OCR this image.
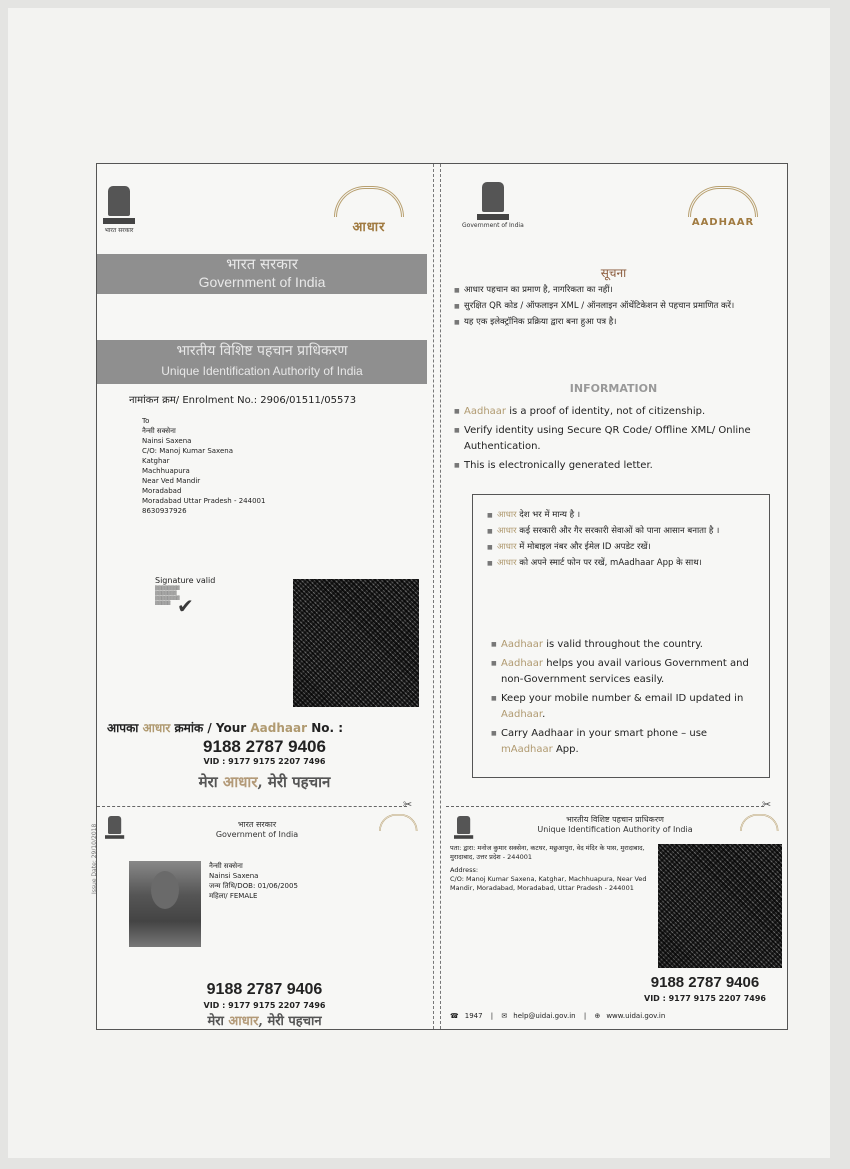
भारत सरकार	आधार
भारत सरकार
Government of India
भारतीय विशिष्ट पहचान प्राधिकरण
Unique Identification Authority of India
नामांकन क्रम/ Enrolment No.: 2906/01511/05573
To
नैन्सी सक्सेना
Nainsi Saxena
C/O: Manoj Kumar Saxena
Katghar
Machhuapura
Near Ved Mandir
Moradabad
Moradabad Uttar Pradesh - 244001
8630937926
Signature valid
▒▒▒▒▒▒▒▒
▒▒▒▒▒▒▒
▒▒▒▒▒▒▒▒
▒▒▒▒▒ ✔
आपका आधार क्रमांक / Your Aadhaar No. :
9188 2787 9406
VID : 9177 9175 2207 7496
मेरा आधार, मेरी पहचान
✂
भारत सरकार
Government of India
Issue Date: 29/10/2018	नैन्सी सक्सेना
Nainsi Saxena
जन्म तिथि/DOB: 01/06/2005
महिला/ FEMALE
9188 2787 9406
VID : 9177 9175 2207 7496
मेरा आधार, मेरी पहचान
Government of India	AADHAAR
सूचना
■ आधार पहचान का प्रमाण है, नागरिकता का नहीं।
■ सुरक्षित QR कोड / ऑफलाइन XML / ऑनलाइन ऑथेंटिकेशन से पहचान प्रमाणित करें।
■ यह एक इलेक्ट्रॉनिक प्रक्रिया द्वारा बना हुआ पत्र है।
INFORMATION
■ Aadhaar is a proof of identity, not of citizenship.
■ Verify identity using Secure QR Code/ Offline XML/ Online Authentication.
■ This is electronically generated letter.
■ आधार देश भर में मान्य है ।
■ आधार कई सरकारी और गैर सरकारी सेवाओं को पाना आसान बनाता है ।
■ आधार में मोबाइल नंबर और ईमेल ID अपडेट रखें।
■ आधार को अपने स्मार्ट फोन पर रखें, mAadhaar App के साथ।
■ Aadhaar is valid throughout the country.
■ Aadhaar helps you avail various Government and non-Government services easily.
■ Keep your mobile number & email ID updated in Aadhaar.
■ Carry Aadhaar in your smart phone – use mAadhaar App.
✂
भारतीय विशिष्ट पहचान प्राधिकरण
Unique Identification Authority of India
पता: द्वारा: मनोज कुमार सक्सेना, कटघर, मछुआपुरा, वेद मंदिर के पास, मुरादाबाद, मुरादाबाद, उत्तर प्रदेश - 244001
Address:
C/O: Manoj Kumar Saxena, Katghar, Machhuapura, Near Ved Mandir, Moradabad, Moradabad, Uttar Pradesh - 244001
9188 2787 9406
VID : 9177 9175 2207 7496
☎ 1947 | ✉ help@uidai.gov.in | ⊕ www.uidai.gov.in
